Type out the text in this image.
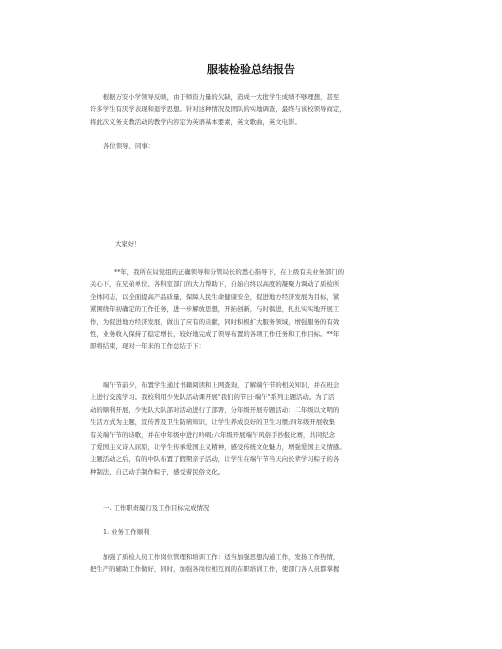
服装检验总结报告

根据万安小学领导反映，由于师资力量的欠缺，造成一大批学生成绩不够理想，甚至
许多学生有厌学表现和退学思想。针对这种情况及团队的实地调查，最终与该校领导商定，
将此次义务支教活动的教学内容定为英语基本要素，英文歌曲，英文电影。

各位领导、同事：

大家好！

**年，我所在局党组的正确领导和分管局长的悉心指导下，在上级有关业务部门的
关心下，在兄弟单位、各科室部门的大力帮助下，自始自终以高度的凝聚力调动了质检所
全体同志，以全面提高产品质量，保障人民生命健康安全，促进地方经济发展为目标，紧
紧围绕年初确定的工作任务，进一步解放思想，开拓创新，与时俱进，扎扎实实地开展工
作，为促进地方经济发展，做出了应有的贡献，同时积极扩大服务领域，增强服务的有效
性，业务收入保持了稳定增长，较好地完成了领导布置的各项工作任务和工作目标。**年
即将结束，现对一年来的工作总结于下：

端午节前夕，布置学生通过书籍阅读和上网查询，了解端午节的相关知识，并在班会
上进行交流学习。我校利用少先队活动课开展"我们的节日·端午"系列主题活动。为了活
动的顺利开展，少先队大队部对活动进行了部署，分年级开展专题活动：二年级以文明的
生活方式为主题，宣传普及卫生防病知识，让学生养成良好的卫生习惯;四年级开展收集
有关端午节的诗歌，并在中年级中进行吟唱;六年级开展端午风俗手抄报比赛，共同纪念
了爱国主义诗人屈原，让学生传承爱国主义精神，感受传统文化魅力，增强爱国主义情感。
主题活动之后，有的中队布置了假期亲子活动，让学生在端午节当天向长辈学习粽子的各
种制法，自己动手制作粽子，感受着民俗文化。

一. 工作职责履行及工作目标完成情况

1. 业务工作顺利

加强了质检人员工作岗位管理和培训工作：适当加强思想沟通工作，发扬工作热情，
把生产的辅助工作做好，同时，加强各岗位相互间的在职培训工作，使部门各人员都掌握
